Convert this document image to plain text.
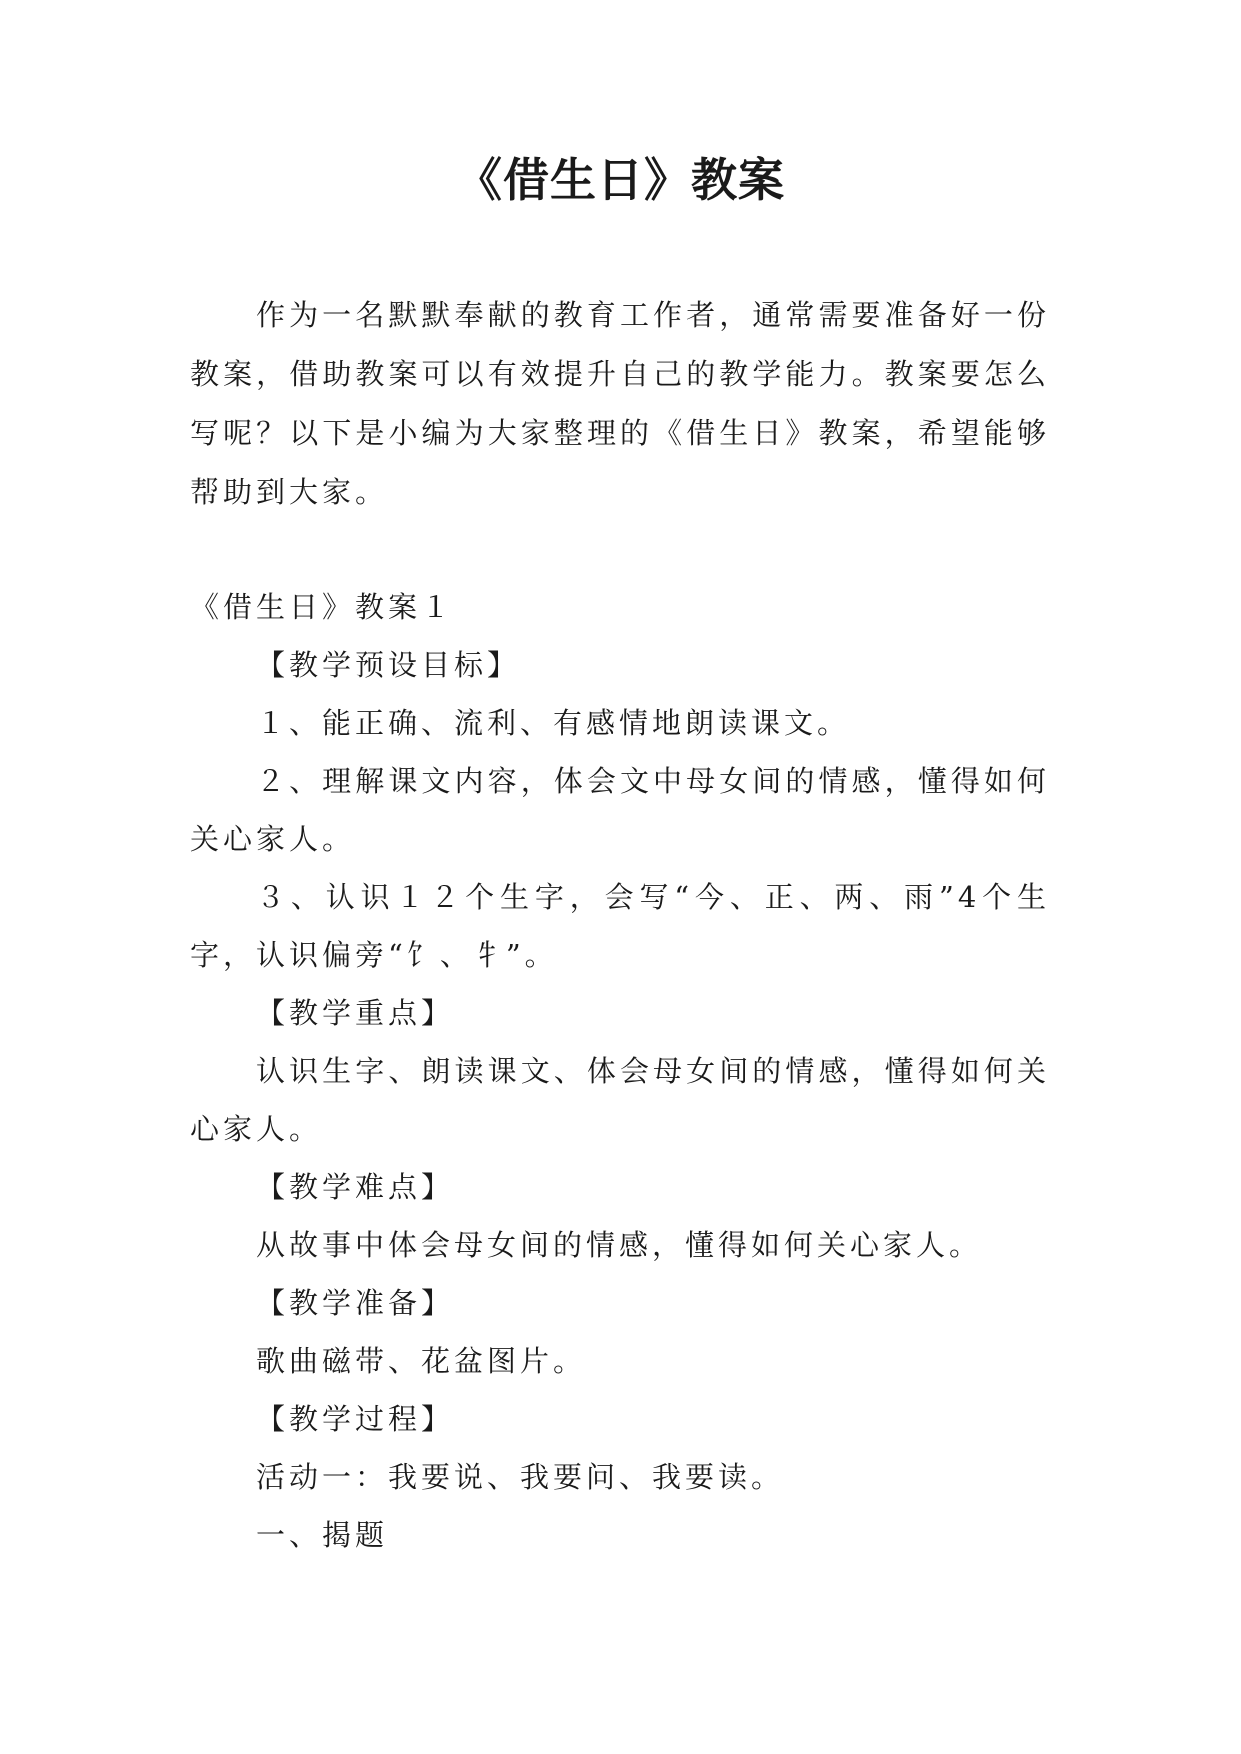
《借生日》教案

作为一名默默奉献的教育工作者，通常需要准备好一份教案，借助教案可以有效提升自己的教学能力。教案要怎么写呢？以下是小编为大家整理的《借生日》教案，希望能够帮助到大家。

《借生日》教案１

【教学预设目标】

１、能正确、流利、有感情地朗读课文。

２、理解课文内容，体会文中母女间的情感，懂得如何关心家人。

３、认识１２个生字，会写“今、正、两、雨”4个生字，认识偏旁“饣、牜”。

【教学重点】

认识生字、朗读课文、体会母女间的情感，懂得如何关心家人。

【教学难点】

从故事中体会母女间的情感，懂得如何关心家人。

【教学准备】

歌曲磁带、花盆图片。

【教学过程】

活动一：我要说、我要问、我要读。

一、揭题
